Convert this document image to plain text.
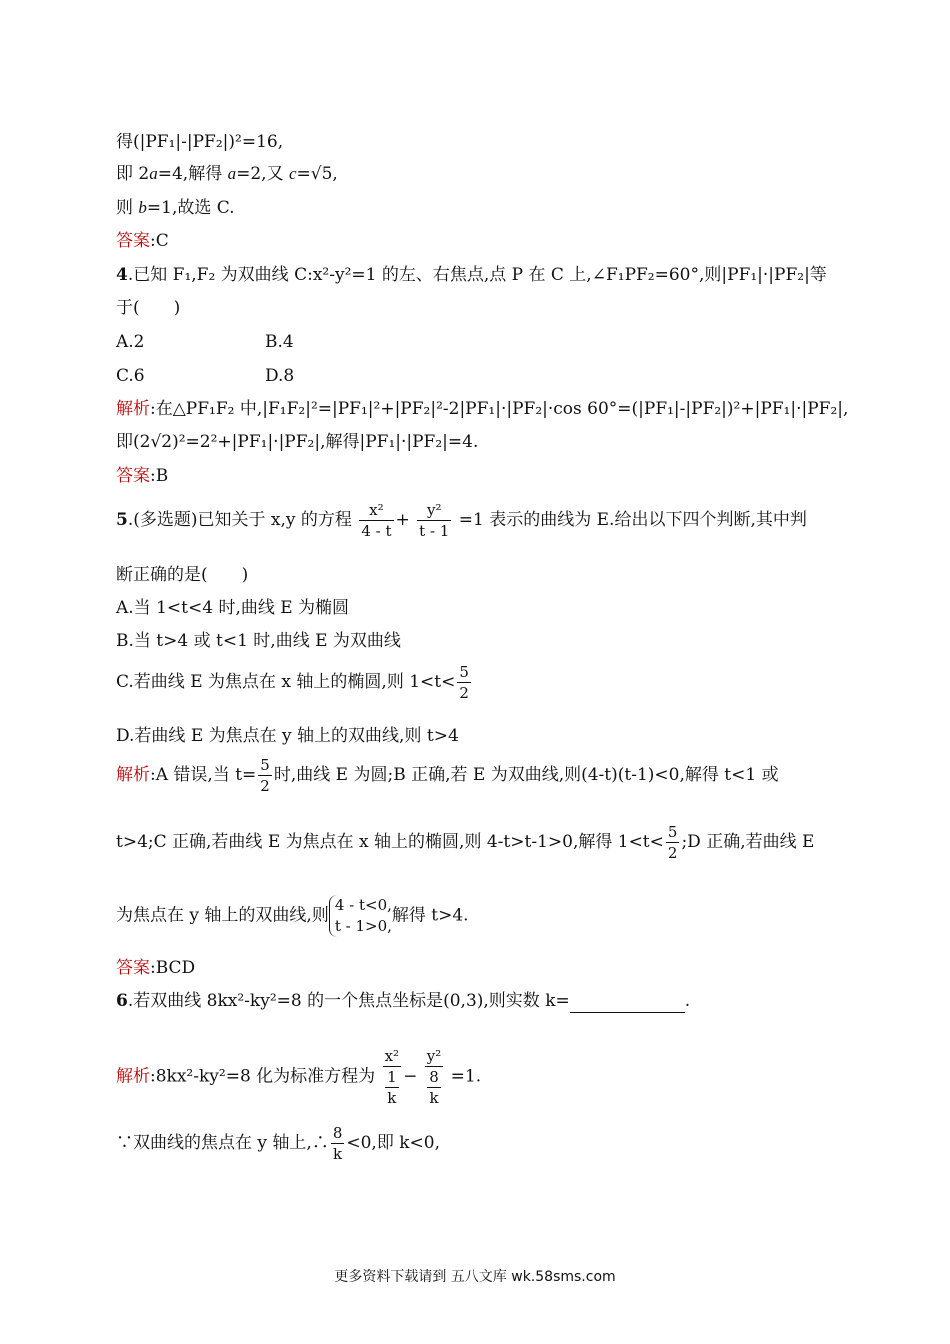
得(|PF₁|-|PF₂|)²=16,
即 2a=4,解得 a=2,又 c=√5,
则 b=1,故选 C.
答案:C
4.已知 F₁,F₂ 为双曲线 C:x²-y²=1 的左、右焦点,点 P 在 C 上,∠F₁PF₂=60°,则|PF₁|·|PF₂|等
于(　　)
A.2	B.4
C.6	D.8
解析:在△PF₁F₂ 中,|F₁F₂|²=|PF₁|²+|PF₂|²-2|PF₁|·|PF₂|·cos 60°=(|PF₁|-|PF₂|)²+|PF₁|·|PF₂|,
即(2√2)²=2²+|PF₁|·|PF₂|,解得|PF₁|·|PF₂|=4.
答案:B
5.(多选题)已知关于 x,y 的方程 $\frac{\text{x²}}{4 - t} + \frac{\text{y²}}{t - 1} =1$ 表示的曲线为 E.给出以下四个判断,其中判
断正确的是(　　)
A.当 1<t<4 时,曲线 E 为椭圆
B.当 t>4 或 t<1 时,曲线 E 为双曲线
C.若曲线 E 为焦点在 x 轴上的椭圆,则 $1<t< \frac{5}{2}$
D.若曲线 E 为焦点在 y 轴上的双曲线,则 t>4
解析:A 错误,当 $t= \frac{5}{2}$ 时,曲线 E 为圆;B 正确,若 E 为双曲线,则(4-t)(t-1)<0,解得 t<1 或
t>4;C 正确,若曲线 E 为焦点在 x 轴上的椭圆,则 4-t>t-1>0,解得 $1<t< \frac{5}{2}$ ;D 正确,若曲线 E
为焦点在 y 轴上的双曲线,则
4 - t<0,
t - 1>0,
解得 t>4.
答案:BCD
6.若双曲线 8kx²-ky²=8 的一个焦点坐标是(0,3),则实数 k=	.
解析:8kx²-ky²=8 化为标准方程为 x²
1
k − y²
8
k =1.
∵双曲线的焦点在 y 轴上,∴ $\frac{8}{k} <0$,即 k<0,
更多资料下载请到 五八文库 wk.58sms.com
